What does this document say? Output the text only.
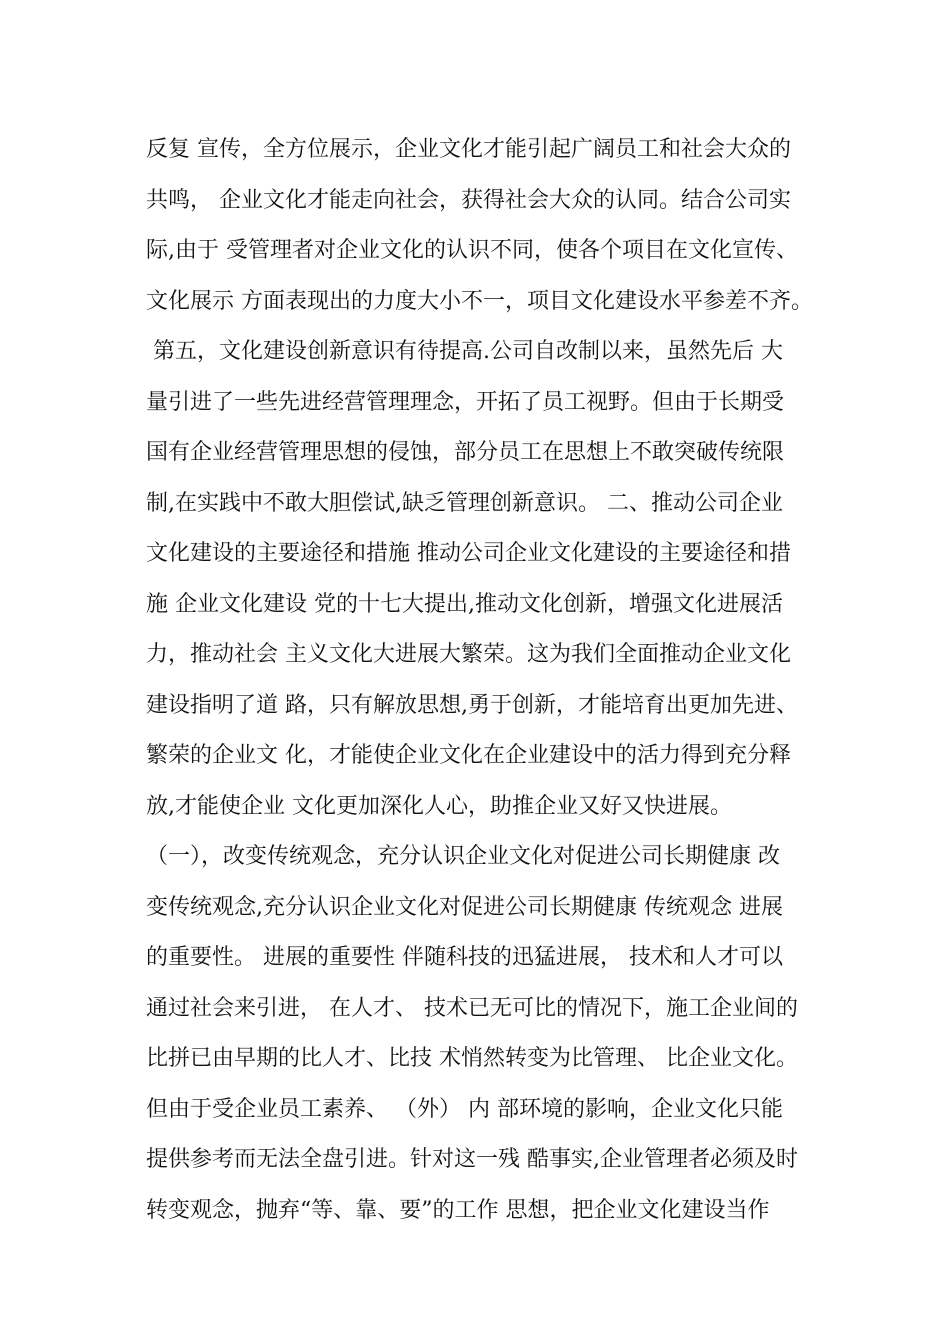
反复 宣传，全方位展示，企业文化才能引起广阔员工和社会大众的
共鸣， 企业文化才能走向社会，获得社会大众的认同。结合公司实
际,由于 受管理者对企业文化的认识不同，使各个项目在文化宣传、
文化展示 方面表现出的力度大小不一，项目文化建设水平参差不齐。
第五，文化建设创新意识有待提高.公司自改制以来，虽然先后 大
量引进了一些先进经营管理理念，开拓了员工视野。但由于长期受
国有企业经营管理思想的侵蚀，部分员工在思想上不敢突破传统限
制,在实践中不敢大胆偿试,缺乏管理创新意识。 二、推动公司企业
文化建设的主要途径和措施 推动公司企业文化建设的主要途径和措
施 企业文化建设 党的十七大提出,推动文化创新，增强文化进展活
力，推动社会 主义文化大进展大繁荣。这为我们全面推动企业文化
建设指明了道 路，只有解放思想,勇于创新，才能培育出更加先进、
繁荣的企业文 化，才能使企业文化在企业建设中的活力得到充分释
放,才能使企业 文化更加深化人心，助推企业又好又快进展。
（一），改变传统观念，充分认识企业文化对促进公司长期健康 改
变传统观念,充分认识企业文化对促进公司长期健康 传统观念 进展
的重要性。 进展的重要性 伴随科技的迅猛进展， 技术和人才可以
通过社会来引进， 在人才、 技术已无可比的情况下，施工企业间的
比拼已由早期的比人才、比技 术悄然转变为比管理、 比企业文化。
但由于受企业员工素养、 （外） 内 部环境的影响，企业文化只能
提供参考而无法全盘引进。针对这一残 酷事实,企业管理者必须及时
转变观念，抛弃“等、靠、要”的工作 思想，把企业文化建设当作
